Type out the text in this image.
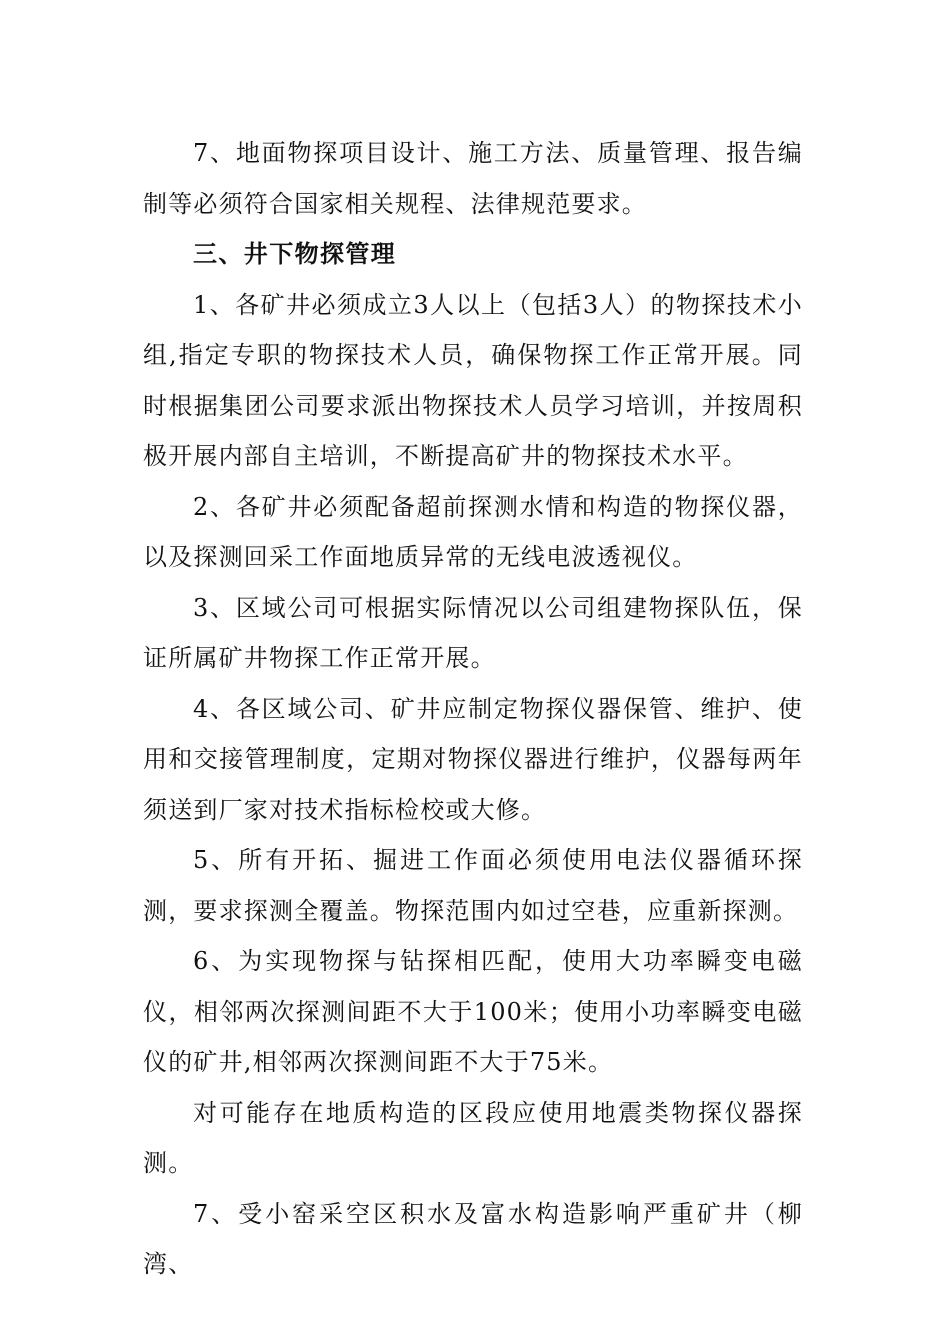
7、地面物探项目设计、施工方法、质量管理、报告编制等必须符合国家相关规程、法律规范要求。

三、井下物探管理

1、各矿井必须成立3人以上（包括3人）的物探技术小组,指定专职的物探技术人员，确保物探工作正常开展。同时根据集团公司要求派出物探技术人员学习培训，并按周积极开展内部自主培训，不断提高矿井的物探技术水平。

2、各矿井必须配备超前探测水情和构造的物探仪器，以及探测回采工作面地质异常的无线电波透视仪。

3、区域公司可根据实际情况以公司组建物探队伍，保证所属矿井物探工作正常开展。

4、各区域公司、矿井应制定物探仪器保管、维护、使用和交接管理制度，定期对物探仪器进行维护，仪器每两年须送到厂家对技术指标检校或大修。

5、所有开拓、掘进工作面必须使用电法仪器循环探测，要求探测全覆盖。物探范围内如过空巷，应重新探测。

6、为实现物探与钻探相匹配，使用大功率瞬变电磁仪，相邻两次探测间距不大于100米；使用小功率瞬变电磁仪的矿井,相邻两次探测间距不大于75米。

对可能存在地质构造的区段应使用地震类物探仪器探测。

7、受小窑采空区积水及富水构造影响严重矿井（柳湾、
